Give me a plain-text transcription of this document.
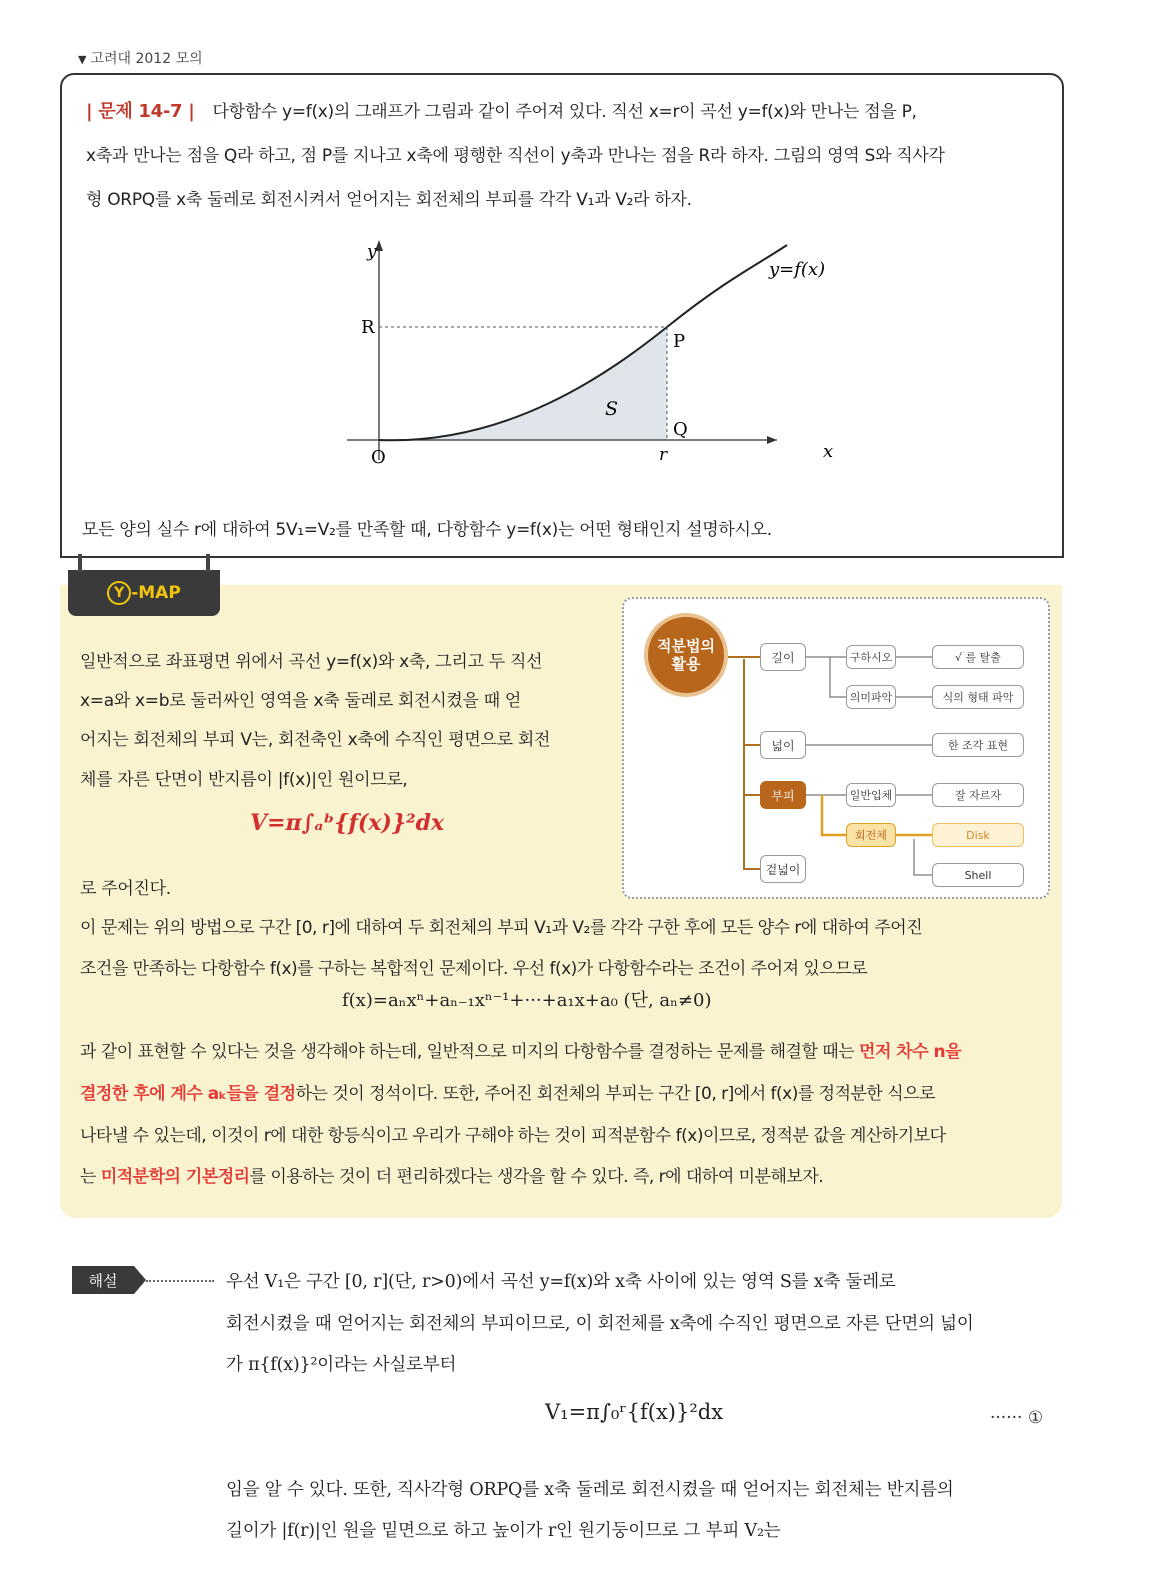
▼ 고려대 2012 모의
| 문제 14-7 | 다항함수 y=f(x)의 그래프가 그림과 같이 주어져 있다. 직선 x=r이 곡선 y=f(x)와 만나는 점을 P,
x축과 만나는 점을 Q라 하고, 점 P를 지나고 x축에 평행한 직선이 y축과 만나는 점을 R라 하자. 그림의 영역 S와 직사각
형 ORPQ를 x축 둘레로 회전시켜서 얻어지는 회전체의 부피를 각각 V₁과 V₂라 하자.
y
x
y=f(x)
O
R
P
Q
r
S
모든 양의 실수 r에 대하여 5V₁=V₂를 만족할 때, 다항함수 y=f(x)는 어떤 형태인지 설명하시오.
일반적으로 좌표평면 위에서 곡선 y=f(x)와 x축, 그리고 두 직선
x=a와 x=b로 둘러싸인 영역을 x축 둘레로 회전시켰을 때 얻
어지는 회전체의 부피 V는, 회전축인 x축에 수직인 평면으로 회전
체를 자른 단면이 반지름이 |f(x)|인 원이므로,
V=π∫ₐᵇ{f(x)}²dx
로 주어진다.
이 문제는 위의 방법으로 구간 [0, r]에 대하여 두 회전체의 부피 V₁과 V₂를 각각 구한 후에 모든 양수 r에 대하여 주어진
조건을 만족하는 다항함수 f(x)를 구하는 복합적인 문제이다. 우선 f(x)가 다항함수라는 조건이 주어져 있으므로
f(x)=aₙxⁿ+aₙ₋₁xⁿ⁻¹+···+a₁x+a₀ (단, aₙ≠0)
과 같이 표현할 수 있다는 것을 생각해야 하는데, 일반적으로 미지의 다항함수를 결정하는 문제를 해결할 때는 먼저 차수 n을
결정한 후에 계수 aₖ들을 결정하는 것이 정석이다. 또한, 주어진 회전체의 부피는 구간 [0, r]에서 f(x)를 정적분한 식으로
나타낼 수 있는데, 이것이 r에 대한 항등식이고 우리가 구해야 하는 것이 피적분함수 f(x)이므로, 정적분 값을 계산하기보다
는 미적분학의 기본정리를 이용하는 것이 더 편리하겠다는 생각을 할 수 있다. 즉, r에 대하여 미분해보자.
적분법의
활용	길이	구하시오	√ 를 탈출
의미파악	식의 형태 파악
넓이	한 조각 표현
부피	일반입체	잘 자르자
회전체	Disk
Shell
겉넓이
Y -MAP
해설	우선 V₁은 구간 [0, r](단, r>0)에서 곡선 y=f(x)와 x축 사이에 있는 영역 S를 x축 둘레로
회전시켰을 때 얻어지는 회전체의 부피이므로, 이 회전체를 x축에 수직인 평면으로 자른 단면의 넓이
가 π{f(x)}²이라는 사실로부터
V₁=π∫₀ʳ{f(x)}²dx	······ ①
임을 알 수 있다. 또한, 직사각형 ORPQ를 x축 둘레로 회전시켰을 때 얻어지는 회전체는 반지름의
길이가 |f(r)|인 원을 밑면으로 하고 높이가 r인 원기둥이므로 그 부피 V₂는
